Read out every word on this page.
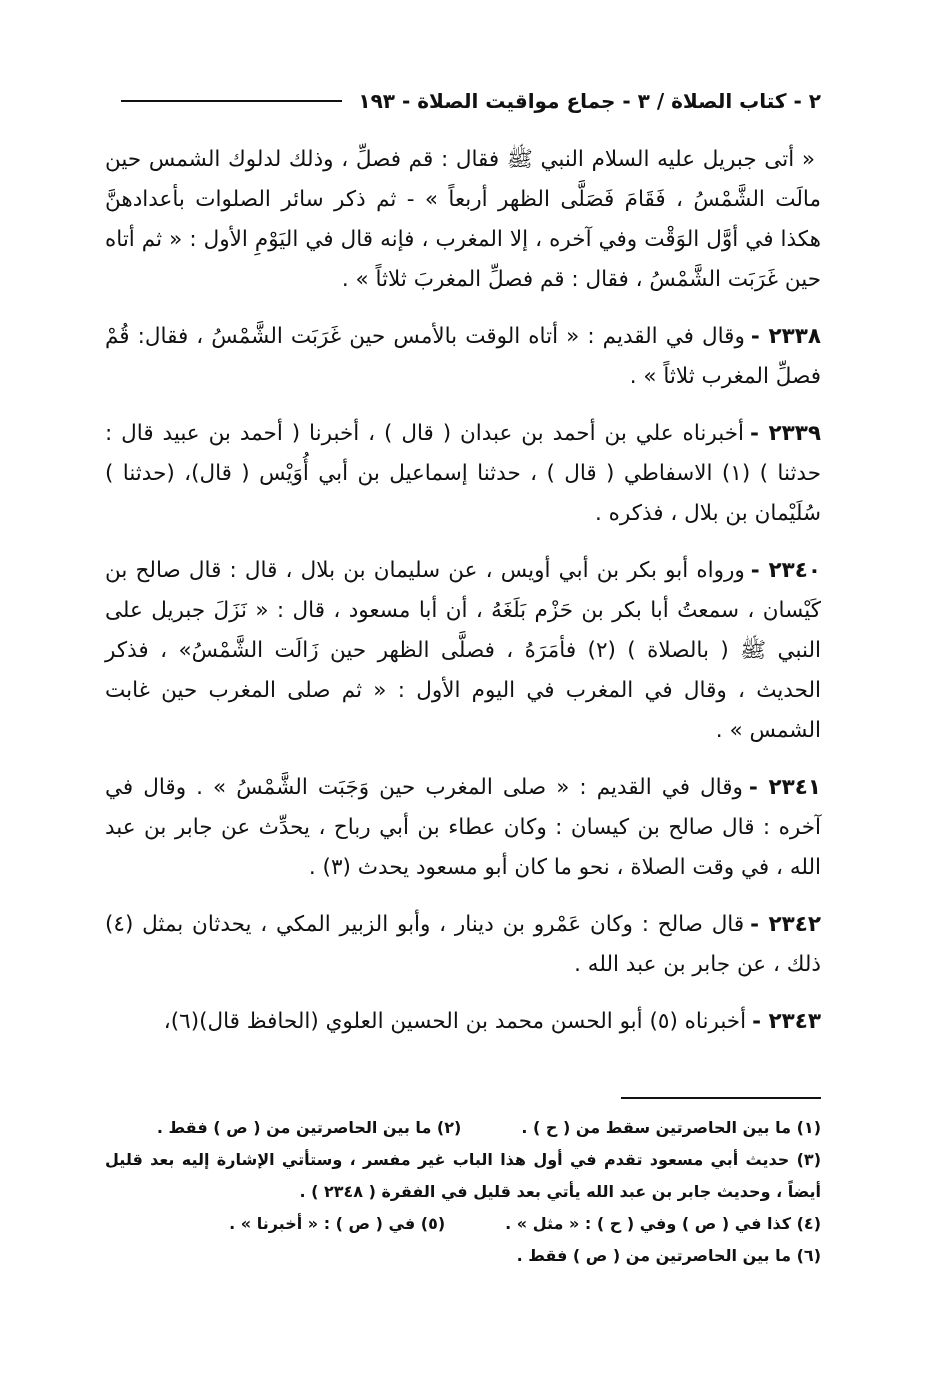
٢ - كتاب الصلاة / ٣ - جماع مواقيت الصلاة - ١٩٣

« أتى جبريل عليه السلام النبي ﷺ فقال : قم فصلِّ ، وذلك لدلوك الشمس حين مالَت الشَّمْسُ ، فَقَامَ فَصَلَّى الظهر أربعاً » - ثم ذكر سائر الصلوات بأعدادهنَّ هكذا في أوَّل الوَقْت وفي آخره ، إلا المغرب ، فإنه قال في اليَوْمِ الأول : « ثم أتاه حين غَرَبَت الشَّمْسُ ، فقال : قم فصلِّ المغربَ ثلاثاً » .

٢٣٣٨ -وقال في القديم : « أتاه الوقت بالأمس حين غَرَبَت الشَّمْسُ ، فقال: قُمْ فصلِّ المغرب ثلاثاً » .

٢٣٣٩ -أخبرناه علي بن أحمد بن عبدان ( قال ) ، أخبرنا ( أحمد بن عبيد قال : حدثنا ) (١) الاسفاطي ( قال ) ، حدثنا إسماعيل بن أبي أُوَيْس ( قال)، (حدثنا ) سُلَيْمان بن بلال ، فذكره .

٢٣٤٠ -ورواه أبو بكر بن أبي أويس ، عن سليمان بن بلال ، قال : قال صالح بن كَيْسان ، سمعتُ أبا بكر بن حَزْم بَلَغَهُ ، أن أبا مسعود ، قال : « نَزَلَ جبريل على النبي ﷺ ( بالصلاة ) (٢) فأمَرَهُ ، فصلَّى الظهر حين زَالَت الشَّمْسُ» ، فذكر الحديث ، وقال في المغرب في اليوم الأول : « ثم صلى المغرب حين غابت الشمس » .

٢٣٤١ -وقال في القديم : « صلى المغرب حين وَجَبَت الشَّمْسُ » . وقال في آخره : قال صالح بن كيسان : وكان عطاء بن أبي رباح ، يحدِّث عن جابر بن عبد الله ، في وقت الصلاة ، نحو ما كان أبو مسعود يحدث (٣) .

٢٣٤٢ -قال صالح : وكان عَمْرو بن دينار ، وأبو الزبير المكي ، يحدثان بمثل (٤) ذلك ، عن جابر بن عبد الله .

٢٣٤٣ -أخبرناه (٥) أبو الحسن محمد بن الحسين العلوي (الحافظ قال)(٦)،

(١) ما بين الحاصرتين سقط من ( ح ) .
(٢) ما بين الحاصرتين من ( ص ) فقط .

(٣) حديث أبي مسعود تقدم في أول هذا الباب غير مفسر ، وستأتي الإشارة إليه بعد قليل أيضاً ، وحديث جابر بن عبد الله يأتي بعد قليل في الفقرة ( ٢٣٤٨ ) .

(٤) كذا في ( ص ) وفي ( ح ) : « مثل » .
(٥) في ( ص ) : « أخبرنا » .

(٦) ما بين الحاصرتين من ( ص ) فقط .
